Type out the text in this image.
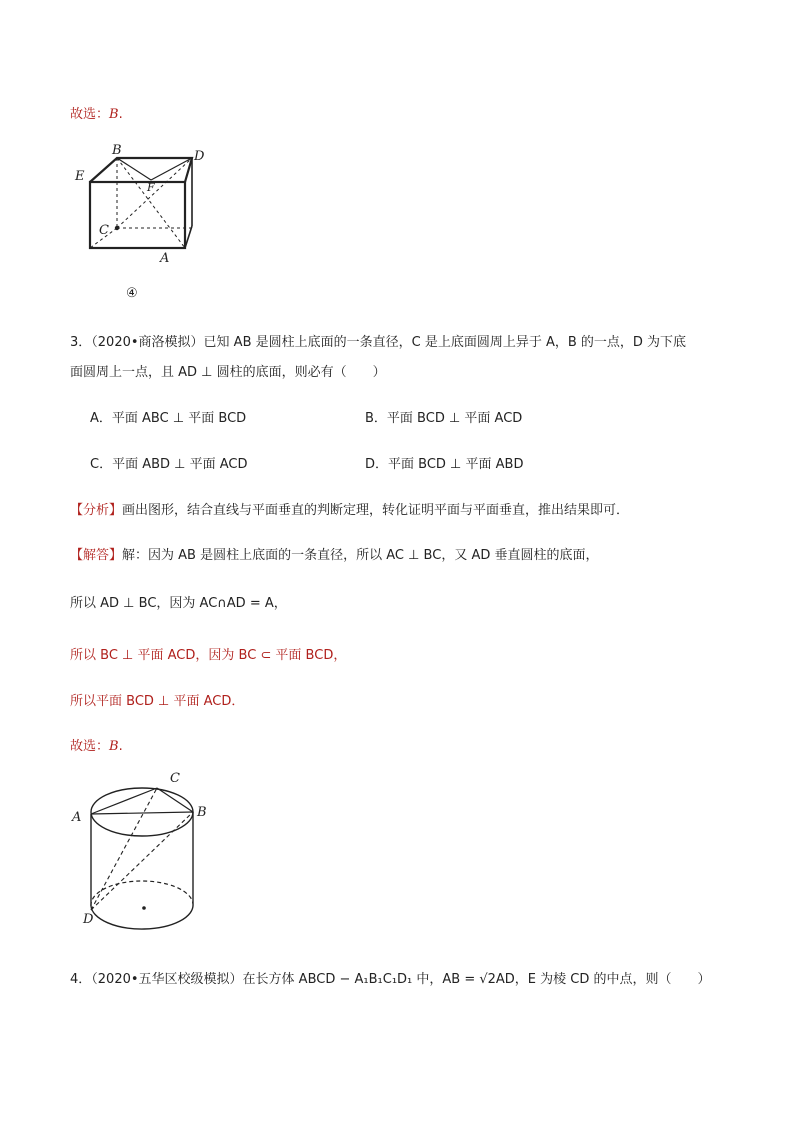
故选：B.
B	D
E
F
C
A
④
3．（2020•商洛模拟）已知 AB 是圆柱上底面的一条直径，C 是上底面圆周上异于 A，B 的一点，D 为下底
面圆周上一点，且 AD ⊥ 圆柱的底面，则必有（　　）
A．平面 ABC ⊥ 平面 BCD	B．平面 BCD ⊥ 平面 ACD
C．平面 ABD ⊥ 平面 ACD	D．平面 BCD ⊥ 平面 ABD
【分析】画出图形，结合直线与平面垂直的判断定理，转化证明平面与平面垂直，推出结果即可．
【解答】解：因为 AB 是圆柱上底面的一条直径，所以 AC ⊥ BC，又 AD 垂直圆柱的底面，
所以 AD ⊥ BC，因为 AC∩AD = A，
所以 BC ⊥ 平面 ACD，因为 BC ⊂ 平面 BCD，
所以平面 BCD ⊥ 平面 ACD．
故选：B.
C
A	B
D
4．（2020•五华区校级模拟）在长方体 ABCD − A₁B₁C₁D₁ 中，AB = √2AD，E 为棱 CD 的中点，则（　　）
